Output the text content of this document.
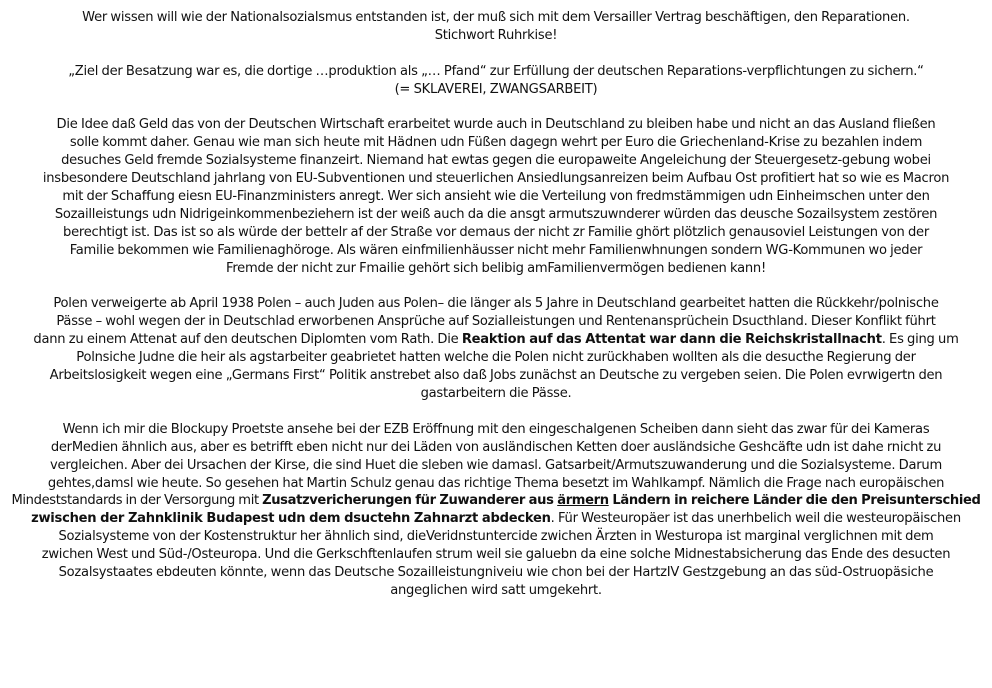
Wer wissen will wie der Nationalsozialsmus entstanden ist, der muß sich mit dem Versailler Vertrag beschäftigen, den Reparationen.
Stichwort Ruhrkise!

„Ziel der Besatzung war es, die dortige …produktion als „… Pfand“ zur Erfüllung der deutschen Reparations-verpflichtungen zu sichern.“
(= SKLAVEREI, ZWANGSARBEIT)

Die Idee daß Geld das von der Deutschen Wirtschaft erarbeitet wurde auch in Deutschland zu bleiben habe und nicht an das Ausland fließen
solle kommt daher. Genau wie man sich heute mit Hädnen udn Füßen dagegn wehrt per Euro die Griechenland-Krise zu bezahlen indem
desuches Geld fremde Sozialsysteme finanzeirt. Niemand hat ewtas gegen die europaweite Angeleichung der Steuergesetz-gebung wobei
insbesondere Deutschland jahrlang von EU-Subventionen und steuerlichen Ansiedlungsanreizen beim Aufbau Ost profitiert hat so wie es Macron
mit der Schaffung eiesn EU-Finanzministers anregt. Wer sich ansieht wie die Verteilung von fredmstämmigen udn Einheimschen unter den
Sozailleistungs udn Nidrigeinkommenbeziehern ist der weiß auch da die ansgt armutszuwnderer würden das deusche Sozailsystem zestören
berechtigt ist. Das ist so als würde der bettelr af der Straße vor demaus der nicht zr Familie ghört plötzlich genausoviel Leistungen von der
Familie bekommen wie Familienaghöroge. Als wären einfmilienhäusser nicht mehr Familienwhnungen sondern WG-Kommunen wo jeder
Fremde der nicht zur Fmailie gehört sich belibig amFamilienvermögen bedienen kann!

Polen verweigerte ab April 1938 Polen – auch Juden aus Polen– die länger als 5 Jahre in Deutschland gearbeitet hatten die Rückkehr/polnische
Pässe – wohl wegen der in Deutschlad erworbenen Ansprüche auf Sozialleistungen und Rentenansprüchein Dsucthland. Dieser Konflikt führt
dann zu einem Attenat auf den deutschen Diplomten vom Rath. Die Reaktion auf das Attentat war dann die Reichskristallnacht. Es ging um
Polnsiche Judne die heir als agstarbeiter geabrietet hatten welche die Polen nicht zurückhaben wollten als die desucthe Regierung der
Arbeitslosigkeit wegen eine „Germans First“ Politik anstrebet also daß Jobs zunächst an Deutsche zu vergeben seien. Die Polen evrwigertn den
gastarbeitern die Pässe.

Wenn ich mir die Blockupy Proetste ansehe bei der EZB Eröffnung mit den eingeschalgenen Scheiben dann sieht das zwar für dei Kameras
derMedien ähnlich aus, aber es betrifft eben nicht nur dei Läden von ausländischen Ketten doer ausländsiche Geshcäfte udn ist dahe rnicht zu
vergleichen. Aber dei Ursachen der Kirse, die sind Huet die sleben wie damasl. Gatsarbeit/Armutszuwanderung und die Sozialsysteme. Darum
gehtes,damsl wie heute. So gesehen hat Martin Schulz genau das richtige Thema besetzt im Wahlkampf. Nämlich die Frage nach europäischen
Mindeststandards in der Versorgung mit Zusatzvericherungen für Zuwanderer aus ärmern Ländern in reichere Länder die den Preisunterschied
zwischen der Zahnklinik Budapest udn dem dsuctehn Zahnarzt abdecken. Für Westeuropäer ist das unerhbelich weil die westeuropäischen
Sozialsysteme von der Kostenstruktur her ähnlich sind, dieVeridnstuntercide zwichen Ärzten in Westuropa ist marginal verglichnen mit dem
zwichen West und Süd-/Osteuropa. Und die Gerkschftenlaufen strum weil sie galuebn da eine solche Midnestabsicherung das Ende des desucten
Sozalsystaates ebdeuten könnte, wenn das Deutsche Sozailleistungniveiu wie chon bei der HartzIV Gestzgebung an das süd-Ostruopäsiche
angeglichen wird satt umgekehrt.
